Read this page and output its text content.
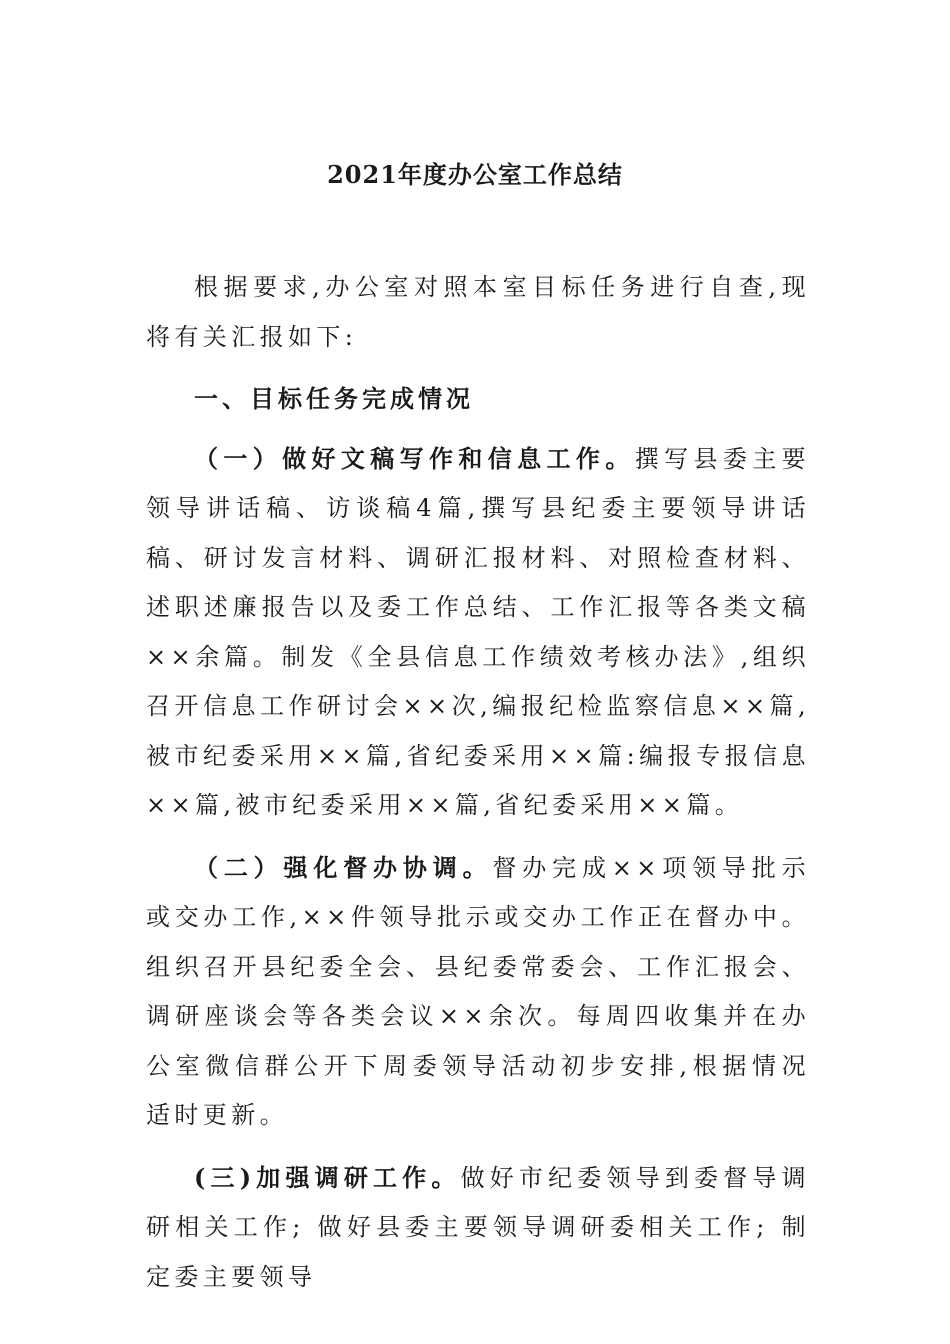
2021年度办公室工作总结

根据要求,办公室对照本室目标任务进行自查,现将有关汇报如下:

一、目标任务完成情况

（一）做好文稿写作和信息工作。撰写县委主要领导讲话稿、访谈稿4篇,撰写县纪委主要领导讲话稿、研讨发言材料、调研汇报材料、对照检查材料、述职述廉报告以及委工作总结、工作汇报等各类文稿××余篇。制发《全县信息工作绩效考核办法》,组织召开信息工作研讨会××次,编报纪检监察信息××篇,被市纪委采用××篇,省纪委采用××篇:编报专报信息××篇,被市纪委采用××篇,省纪委采用××篇。

（二）强化督办协调。督办完成××项领导批示或交办工作,××件领导批示或交办工作正在督办中。组织召开县纪委全会、县纪委常委会、工作汇报会、调研座谈会等各类会议××余次。每周四收集并在办公室微信群公开下周委领导活动初步安排,根据情况适时更新。

(三)加强调研工作。做好市纪委领导到委督导调研相关工作; 做好县委主要领导调研委相关工作; 制定委主要领导
